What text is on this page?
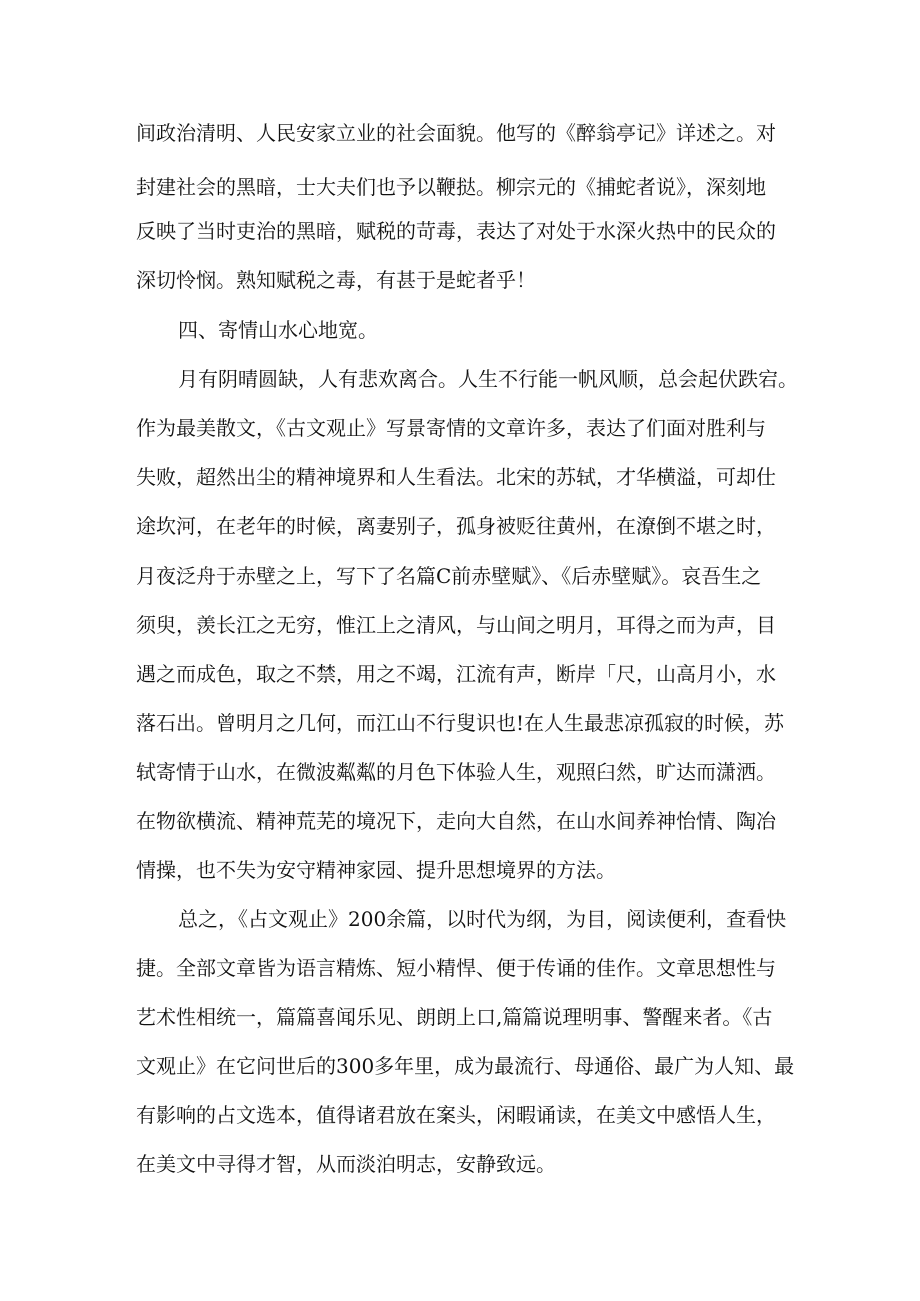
间政治清明、人民安家立业的社会面貌。他写的《醉翁亭记》详述之。对
封建社会的黑暗，士大夫们也予以鞭挞。柳宗元的《捕蛇者说》，深刻地
反映了当时吏治的黑暗，赋税的苛毒，表达了对处于水深火热中的民众的
深切怜悯。熟知赋税之毒，有甚于是蛇者乎！
四、寄情山水心地宽。
月有阴晴圆缺，人有悲欢离合。人生不行能一帆风顺，总会起伏跌宕。
作为最美散文，《古文观止》写景寄情的文章许多，表达了们面对胜利与
失败，超然出尘的精神境界和人生看法。北宋的苏轼，才华横溢，可却仕
途坎河，在老年的时候，离妻别子，孤身被贬往黄州，在潦倒不堪之时，
月夜泛舟于赤壁之上，写下了名篇C前赤壁赋》、《后赤壁赋》。哀吾生之
须臾，羡长江之无穷，惟江上之清风，与山间之明月，耳得之而为声，目
遇之而成色，取之不禁，用之不竭，江流有声，断岸「尺，山高月小，水
落石出。曾明月之几何，而江山不行叟识也!在人生最悲凉孤寂的时候，苏
轼寄情于山水，在微波粼粼的月色下体验人生，观照臼然，旷达而潇洒。
在物欲横流、精神荒芜的境况下，走向大自然，在山水间养神怡情、陶冶
情操，也不失为安守精神家园、提升思想境界的方法。
总之，《占文观止》200余篇，以时代为纲，为目，阅读便利，查看快
捷。全部文章皆为语言精炼、短小精悍、便于传诵的佳作。文章思想性与
艺术性相统一，篇篇喜闻乐见、朗朗上口,篇篇说理明事、警醒来者。《古
文观止》在它问世后的300多年里，成为最流行、母通俗、最广为人知、最
有影响的占文选本，值得诸君放在案头，闲暇诵读，在美文中感悟人生，
在美文中寻得才智，从而淡泊明志，安静致远。
